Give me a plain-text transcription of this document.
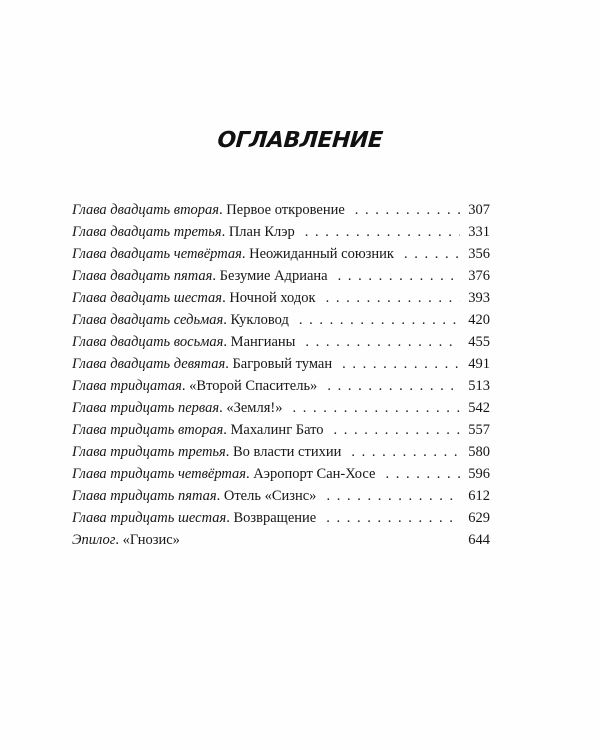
ОГЛАВЛЕНИЕ
Глава двадцать вторая . Первое откровение . . .	307
Глава двадцать третья . План Клэр . . .	331
Глава двадцать четвёртая . Неожиданный союзник . . .	356
Глава двадцать пятая . Безумие Адриана . . .	376
Глава двадцать шестая . Ночной ходок . . .	393
Глава двадцать седьмая . Кукловод . . .	420
Глава двадцать восьмая . Мангианы . . .	455
Глава двадцать девятая . Багровый туман . . .	491
Глава тридцатая . «Второй Спаситель» . . .	513
Глава тридцать первая . «Земля!» . . .	542
Глава тридцать вторая . Махалинг Бато . . .	557
Глава тридцать третья . Во власти стихии . . .	580
Глава тридцать четвёртая . Аэропорт Сан-Хосе . . .	596
Глава тридцать пятая . Отель «Сизнс» . . .	612
Глава тридцать шестая . Возвращение . . .	629
Эпилог . «Гнозис»	644
